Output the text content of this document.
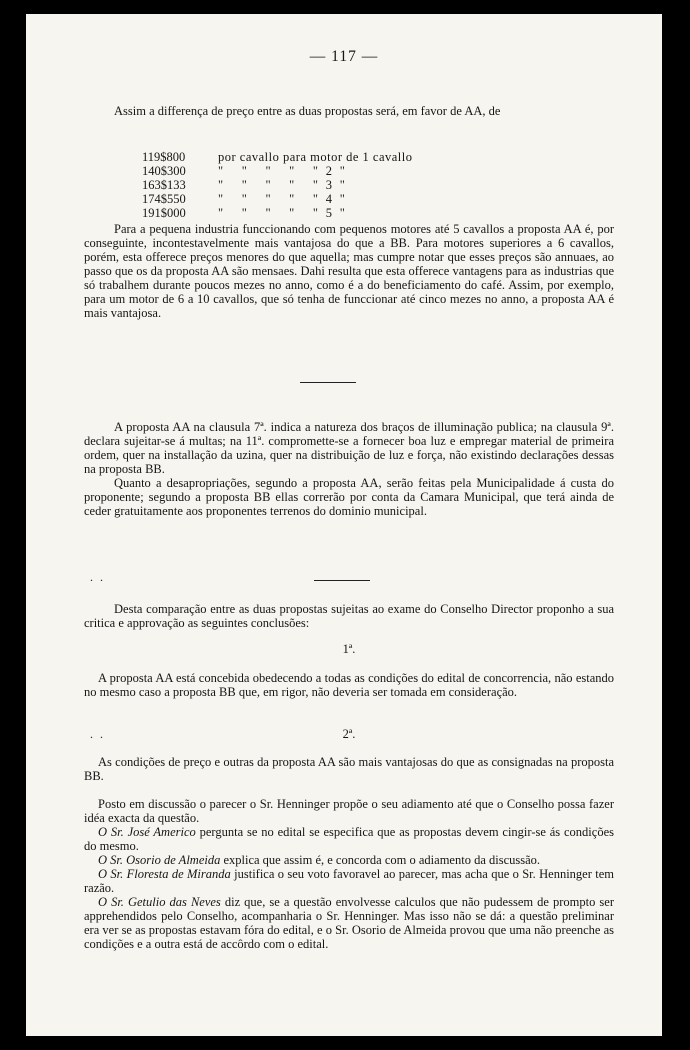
— 117 —

Assim a differença de preço entre as duas propostas será, em favor de AA, de

119$800	por cavallo para motor de 1 cavallo
140$300	"     "     "     "     "  2  "
163$133	"     "     "     "     "  3  "
174$550	"     "     "     "     "  4  "
191$000	"     "     "     "     "  5  "

Para a pequena industria funccionando com pequenos motores até 5 cavallos a proposta AA é, por conseguinte, incontestavelmente mais vantajosa do que a BB. Para motores superiores a 6 cavallos, porém, esta offerece preços menores do que aquella; mas cumpre notar que esses preços são annuaes, ao passo que os da proposta AA são mensaes. Dahi resulta que esta offerece vantagens para as industrias que só trabalhem durante poucos mezes no anno, como é a do beneficiamento do café. Assim, por exemplo, para um motor de 6 a 10 cavallos, que só tenha de funccionar até cinco mezes no anno, a proposta AA é mais vantajosa.

A proposta AA na clausula 7ª. indica a natureza dos braços de illuminação publica; na clausula 9ª. declara sujeitar-se á multas; na 11ª. compromette-se a fornecer boa luz e empregar material de primeira ordem, quer na installação da uzina, quer na distribuição de luz e força, não existindo declarações dessas na proposta BB.

Quanto a desapropriações, segundo a proposta AA, serão feitas pela Municipalidade á custa do proponente; segundo a proposta BB ellas correrão por conta da Camara Municipal, que terá ainda de ceder gratuitamente aos proponentes terrenos do dominio municipal.

. .

Desta comparação entre as duas propostas sujeitas ao exame do Conselho Director proponho a sua critica e approvação as seguintes conclusões:

1ª.

A proposta AA está concebida obedecendo a todas as condições do edital de concorrencia, não estando no mesmo caso a proposta BB que, em rigor, não deveria ser tomada em consideração.

. .	2ª.

As condições de preço e outras da proposta AA são mais vantajosas do que as consignadas na proposta BB.

Posto em discussão o parecer o Sr. Henninger propõe o seu adiamento até que o Conselho possa fazer idéa exacta da questão.

O Sr. José Americo pergunta se no edital se especifica que as propostas devem cingir-se ás condições do mesmo.

O Sr. Osorio de Almeida explica que assim é, e concorda com o adiamento da discussão.

O Sr. Floresta de Miranda justifica o seu voto favoravel ao parecer, mas acha que o Sr. Henninger tem razão.

O Sr. Getulio das Neves diz que, se a questão envolvesse calculos que não pudessem de prompto ser apprehendidos pelo Conselho, acompanharia o Sr. Henninger. Mas isso não se dá: a questão preliminar era ver se as propostas estavam fóra do edital, e o Sr. Osorio de Almeida provou que uma não preenche as condições e a outra está de accôrdo com o edital.
